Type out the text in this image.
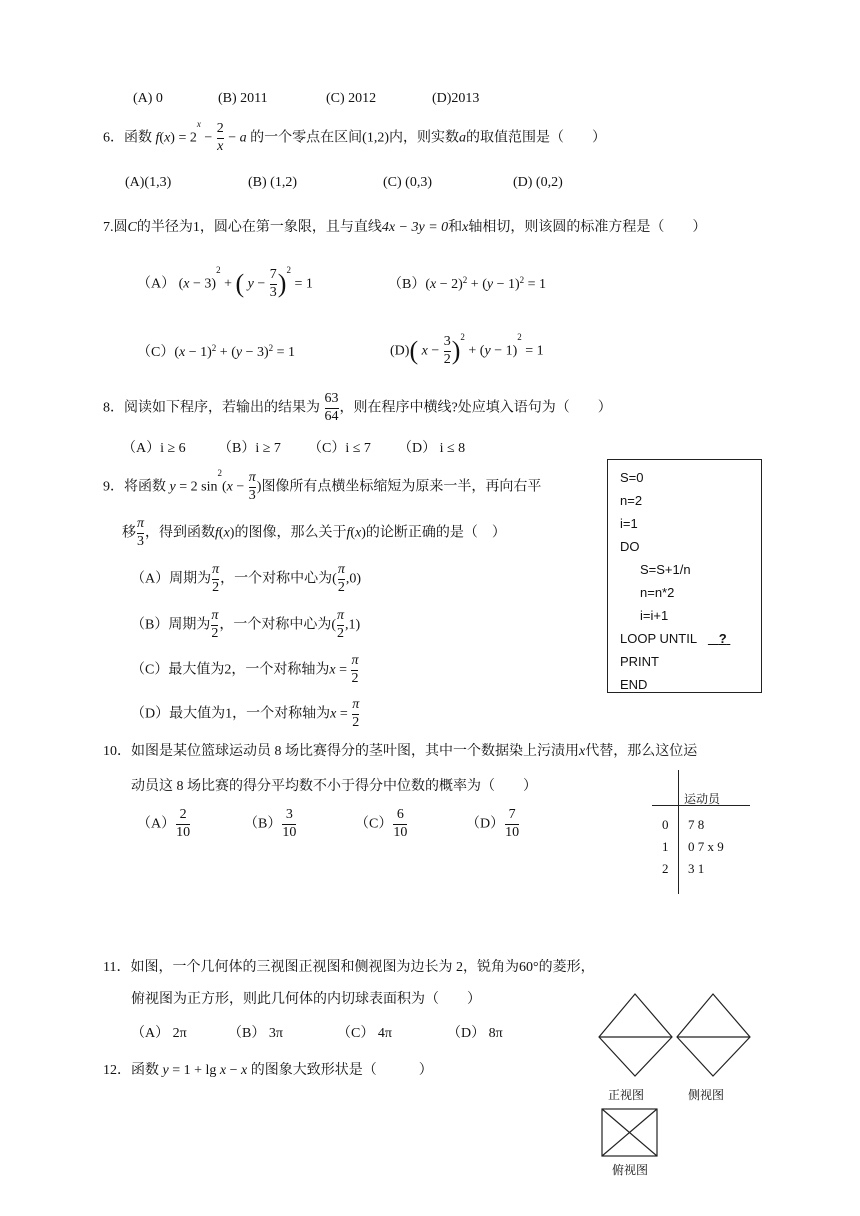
(A) 0	(B) 2011	(C) 2012	(D)2013
6．函数 $f(x) = 2^x - \frac{2}{x} - a$ 的一个零点在区间(1,2)内，则实数a的取值范围是（　　）
(A)(1,3)	(B) (1,2)	(C) (0,3)	(D) (0,2)
7.圆C的半径为1，圆心在第一象限，且与直线4x − 3y = 0和x轴相切，则该圆的标准方程是（　　）
（A） $(x - 3)^2$ + ( $y - \frac{7}{3} )^2 = 1$	$(B)(x - 2)^2 + (y - 1)^2 = 1$
$(C)(x - 1)^2 + (y - 3)^2 = 1$	(D)( $x - \frac{3}{2} )^2 + (y - 1)^2 = 1$
8．阅读如下程序，若输出的结果为 $\frac{63}{64}$ ，则在程序中横线?处应填入语句为（　　）
（A）i ≥ 6 （B）i ≥ 7 （C）i ≤ 7 （D） i ≤ 8
9．将函数 y = 2 $\sin^2(x - \frac{\pi}{3}$ )图像所有点横坐标缩短为原来一半，再向右平
移 $\frac{\pi}{3}$ ，得到函数f(x)的图像，那么关于f(x)的论断正确的是（　）
（A）周期为 $\frac{\pi}{2}$ ，一个对称中心为( $\frac{\pi}{2} ,0$)
（B）周期为 $\frac{\pi}{2}$ ，一个对称中心为( $\frac{\pi}{2} ,1$)
（C）最大值为2，一个对称轴为$x = \frac{\pi}{2}$
（D）最大值为1，一个对称轴为$x = \frac{\pi}{2}$
S=0
n=2
i=1
DO
S=S+1/n
n=n*2
i=i+1
LOOP UNTIL ?
PRINT
END
10．如图是某位篮球运动员 8 场比赛得分的茎叶图，其中一个数据染上污渍用x代替，那么这位运
动员这 8 场比赛的得分平均数不小于得分中位数的概率为（　　）
$(A) \frac{2}{10}$	$(B) \frac{3}{10}$	$(C) \frac{6}{10}$	$(D) \frac{7}{10}$
运动员
0 7 8
1 0 7 x 9
2 3 1
11．如图，一个几何体的三视图正视图和侧视图为边长为 2，锐角为60°的菱形，
俯视图为正方形，则此几何体的内切球表面积为（　　）
（A） 2π	（B） 3π	（C） 4π	（D） 8π
正视图	侧视图
俯视图
12．函数 y = 1 + lg x − x 的图象大致形状是（　　　）
